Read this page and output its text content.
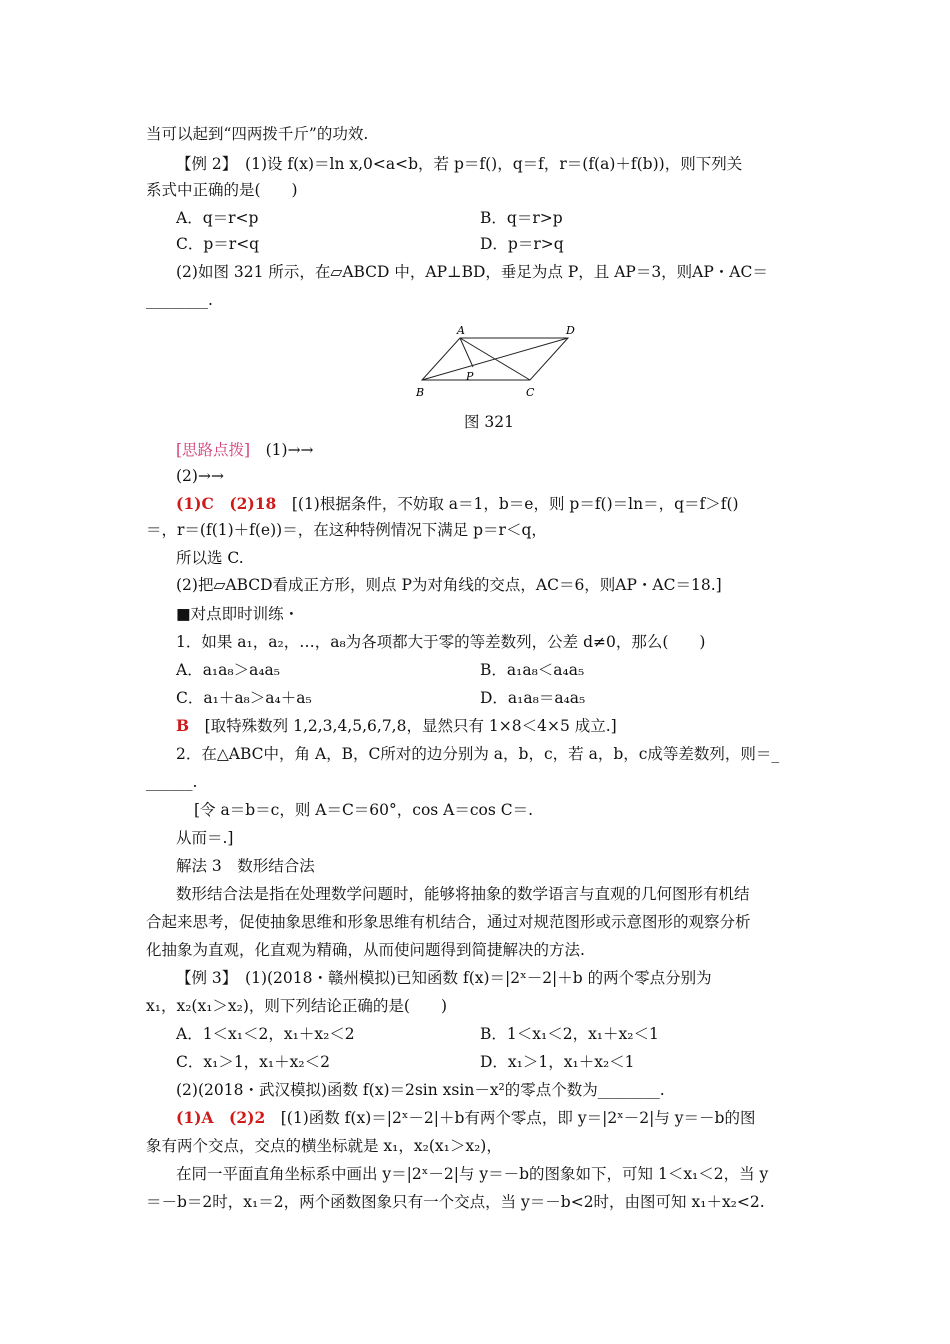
当可以起到“四两拨千斤”的功效.
【例 2】　(1)设 f(x)＝ln x,0<a<b，若 p＝f()，q＝f，r＝(f(a)＋f(b))，则下列关
系式中正确的是(　　)
A．q＝r<p	B．q＝r>p
C．p＝r<q	D．p＝r>q
(2)如图 321 所示，在▱ABCD 中，AP⊥BD，垂足为点 P，且 AP＝3，则AP・AC＝
________.
A	D
B	C
P
图 321
[思路点拨]　(1)→→
(2)→→
(1)C　 (2)18　[(1)根据条件，不妨取 a＝1，b＝e，则 p＝f()＝ln＝，q＝f＞f()
＝，r＝(f(1)＋f(e))＝，在这种特例情况下满足 p＝r＜q，
所以选 C.
(2)把▱ABCD看成正方形，则点 P为对角线的交点，AC＝6，则AP・AC＝18.]
■对点即时训练・
1．如果 a₁，a₂，…，a₈为各项都大于零的等差数列，公差 d≠0，那么(　　)
A．a₁a₈＞a₄a₅	B．a₁a₈＜a₄a₅
C．a₁＋a₈＞a₄＋a₅	D．a₁a₈＝a₄a₅
B　[取特殊数列 1,2,3,4,5,6,7,8，显然只有 1×8＜4×5 成立.]
2．在△ABC中，角 A，B，C所对的边分别为 a，b，c，若 a，b，c成等差数列，则＝_
______.
[令 a＝b＝c，则 A＝C＝60°，cos A＝cos C＝.
从而＝.]
解法 3　数形结合法
数形结合法是指在处理数学问题时，能够将抽象的数学语言与直观的几何图形有机结
合起来思考，促使抽象思维和形象思维有机结合，通过对规范图形或示意图形的观察分析
化抽象为直观，化直观为精确，从而使问题得到简捷解决的方法.
【例 3】　(1)(2018・赣州模拟)已知函数 f(x)＝|2ˣ－2|＋b 的两个零点分别为
x₁，x₂(x₁＞x₂)，则下列结论正确的是(　　)
A．1＜x₁＜2，x₁＋x₂＜2	B．1＜x₁＜2，x₁＋x₂＜1
C．x₁＞1，x₁＋x₂＜2	D．x₁＞1，x₁＋x₂＜1
(2)(2018・武汉模拟)函数 f(x)＝2sin xsin－x²的零点个数为________.
(1)A　 (2)2　[(1)函数 f(x)＝|2ˣ－2|＋b有两个零点，即 y＝|2ˣ－2|与 y＝－b的图
象有两个交点，交点的横坐标就是 x₁，x₂(x₁＞x₂)，
在同一平面直角坐标系中画出 y＝|2ˣ－2|与 y＝－b的图象如下，可知 1＜x₁＜2，当 y
＝－b＝2时，x₁＝2，两个函数图象只有一个交点，当 y＝－b<2时，由图可知 x₁＋x₂<2.
